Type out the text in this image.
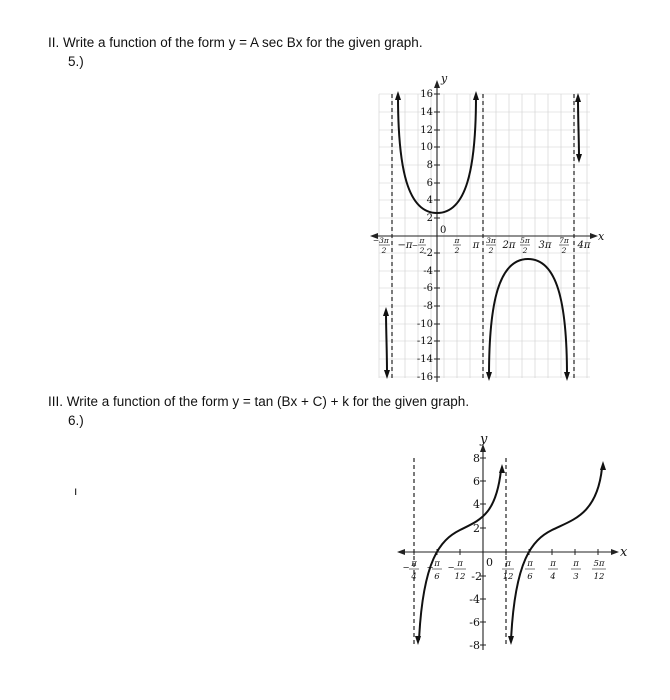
II. Write a function of the form y = A sec Bx for the given graph.
5.)
16
14
12
10
8
6
4
2
-2
-4
-6
-8
-10
-12
-14
-16
y
x
0
− 3π
2 −π −
π
2
π
2 π 3π
2 2π 5π
2 3π 7π
2 4π
III. Write a function of the form y = tan (Bx + C) + k for the given graph.
6.)
ı
8
6
4
2
-2
-4
-6
-8
y
x
0
− π
4
− π
6
− π
12
π
12
π
6
π
4
π
3
5π
12
